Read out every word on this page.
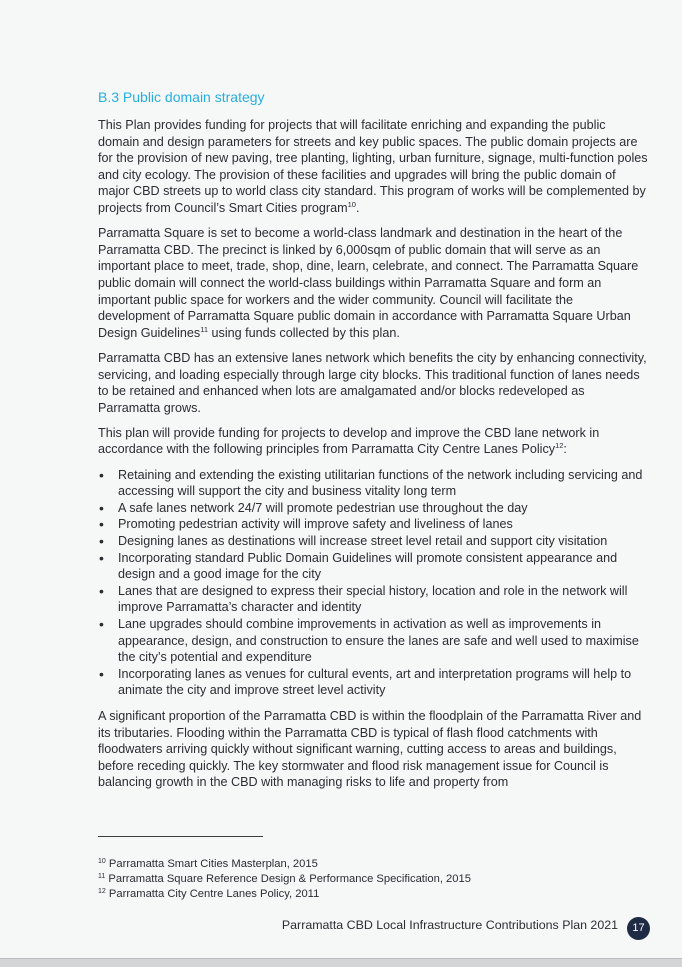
B.3 Public domain strategy

This Plan provides funding for projects that will facilitate enriching and expanding the public domain and design parameters for streets and key public spaces. The public domain projects are for the provision of new paving, tree planting, lighting, urban furniture, signage, multi-function poles and city ecology. The provision of these facilities and upgrades will bring the public domain of major CBD streets up to world class city standard. This program of works will be complemented by projects from Council’s Smart Cities program$^{10}$.

Parramatta Square is set to become a world-class landmark and destination in the heart of the Parramatta CBD. The precinct is linked by 6,000sqm of public domain that will serve as an important place to meet, trade, shop, dine, learn, celebrate, and connect. The Parramatta Square public domain will connect the world-class buildings within Parramatta Square and form an important public space for workers and the wider community. Council will facilitate the development of Parramatta Square public domain in accordance with Parramatta Square Urban Design Guidelines$^{11}$ using funds collected by this plan.

Parramatta CBD has an extensive lanes network which benefits the city by enhancing connectivity, servicing, and loading especially through large city blocks. This traditional function of lanes needs to be retained and enhanced when lots are amalgamated and/or blocks redeveloped as Parramatta grows.

This plan will provide funding for projects to develop and improve the CBD lane network in accordance with the following principles from Parramatta City Centre Lanes Policy$^{12}$:

• Retaining and extending the existing utilitarian functions of the network including servicing and accessing will support the city and business vitality long term
• A safe lanes network 24/7 will promote pedestrian use throughout the day
• Promoting pedestrian activity will improve safety and liveliness of lanes
• Designing lanes as destinations will increase street level retail and support city visitation
• Incorporating standard Public Domain Guidelines will promote consistent appearance and design and a good image for the city
• Lanes that are designed to express their special history, location and role in the network will improve Parramatta’s character and identity
• Lane upgrades should combine improvements in activation as well as improvements in appearance, design, and construction to ensure the lanes are safe and well used to maximise the city’s potential and expenditure
• Incorporating lanes as venues for cultural events, art and interpretation programs will help to animate the city and improve street level activity

A significant proportion of the Parramatta CBD is within the floodplain of the Parramatta River and its tributaries. Flooding within the Parramatta CBD is typical of flash flood catchments with floodwaters arriving quickly without significant warning, cutting access to areas and buildings, before receding quickly. The key stormwater and flood risk management issue for Council is balancing growth in the CBD with managing risks to life and property from

$^{10}$ Parramatta Smart Cities Masterplan, 2015
$^{11}$ Parramatta Square Reference Design & Performance Specification, 2015
$^{12}$ Parramatta City Centre Lanes Policy, 2011
Parramatta CBD Local Infrastructure Contributions Plan 2021	17
